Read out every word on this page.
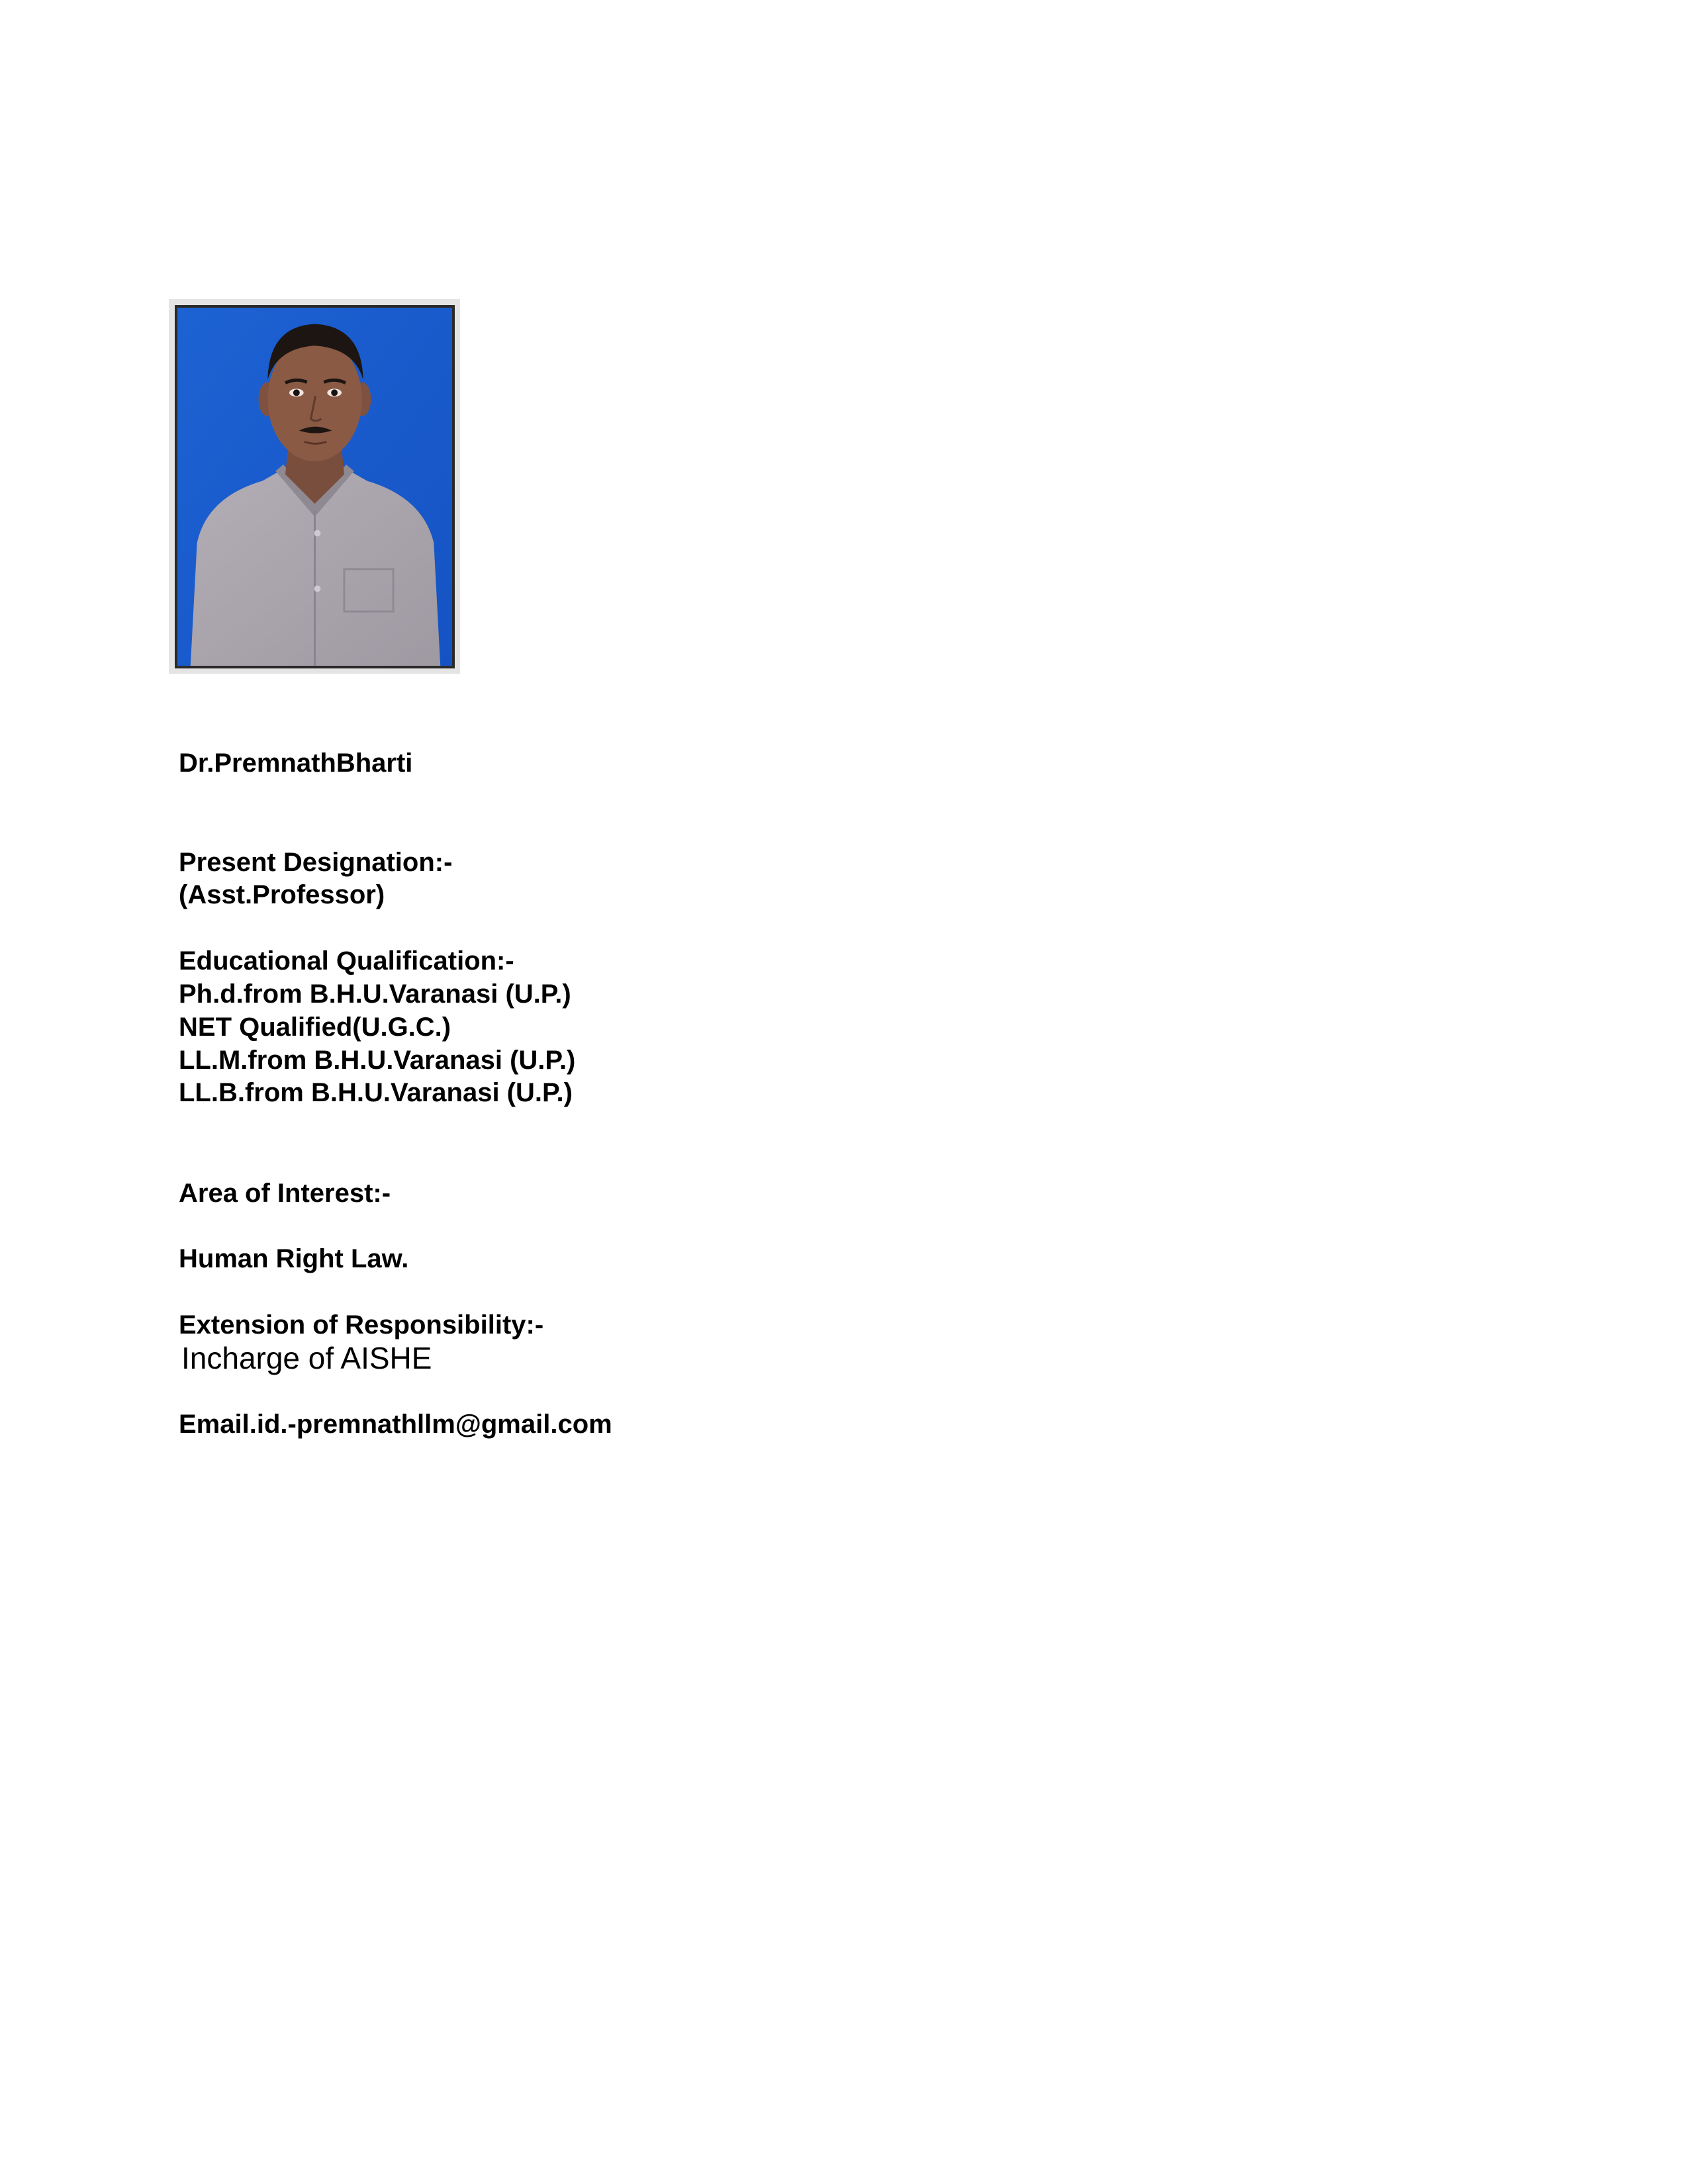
Dr.PremnathBharti

Present Designation:-

(Asst.Professor)

Educational Qualification:-

Ph.d.from B.H.U.Varanasi (U.P.)

NET Qualified(U.G.C.)

LL.M.from B.H.U.Varanasi (U.P.)

LL.B.from B.H.U.Varanasi (U.P.)

Area of Interest:-

Human Right Law.

Extension of Responsibility:-

Incharge of AISHE

Email.id.-premnathllm@gmail.com
